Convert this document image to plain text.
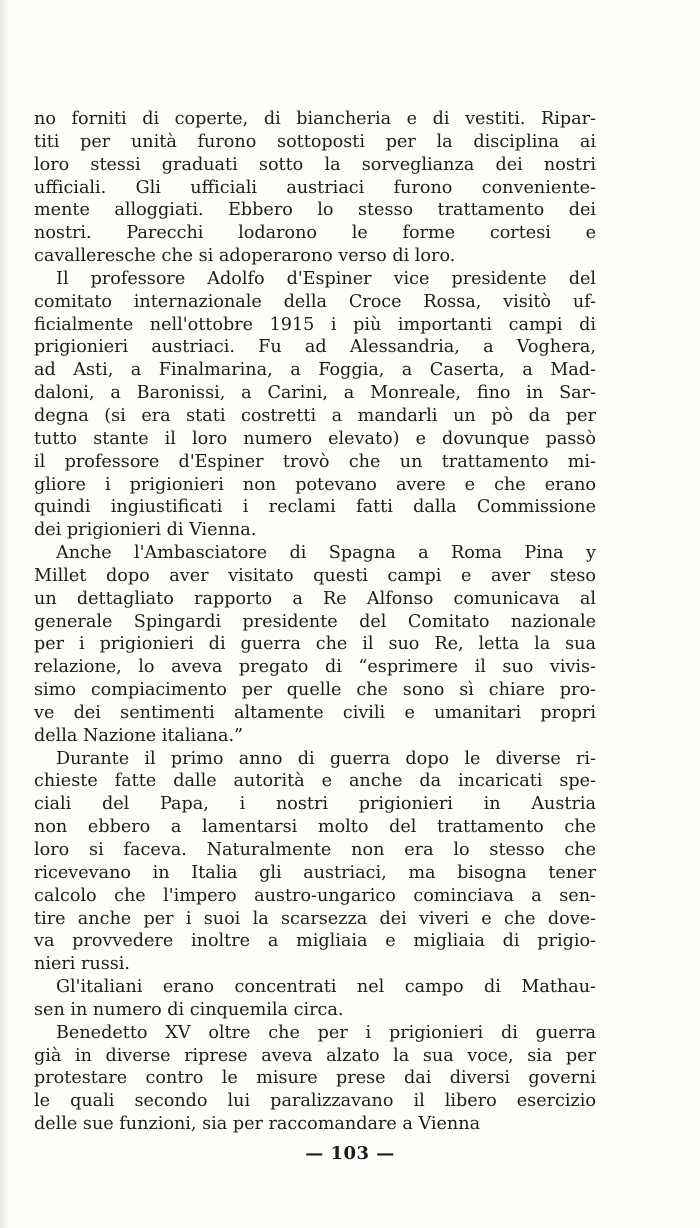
no forniti di coperte, di biancheria e di vestiti. Ripar-
titi per unità furono sottoposti per la disciplina ai
loro stessi graduati sotto la sorveglianza dei nostri
ufficiali. Gli ufficiali austriaci furono conveniente-
mente alloggiati. Ebbero lo stesso trattamento dei
nostri. Parecchi lodarono le forme cortesi e
cavalleresche che si adoperarono verso di loro.
Il professore Adolfo d'Espiner vice presidente del
comitato internazionale della Croce Rossa, visitò uf-
ficialmente nell'ottobre 1915 i più importanti campi di
prigionieri austriaci. Fu ad Alessandria, a Voghera,
ad Asti, a Finalmarina, a Foggia, a Caserta, a Mad-
daloni, a Baronissi, a Carini, a Monreale, fino in Sar-
degna (si era stati costretti a mandarli un pò da per
tutto stante il loro numero elevato) e dovunque passò
il professore d'Espiner trovò che un trattamento mi-
gliore i prigionieri non potevano avere e che erano
quindi ingiustificati i reclami fatti dalla Commissione
dei prigionieri di Vienna.
Anche l'Ambasciatore di Spagna a Roma Pina y
Millet dopo aver visitato questi campi e aver steso
un dettagliato rapporto a Re Alfonso comunicava al
generale Spingardi presidente del Comitato nazionale
per i prigionieri di guerra che il suo Re, letta la sua
relazione, lo aveva pregato di “esprimere il suo vivis-
simo compiacimento per quelle che sono sì chiare pro-
ve dei sentimenti altamente civili e umanitari propri
della Nazione italiana.”
Durante il primo anno di guerra dopo le diverse ri-
chieste fatte dalle autorità e anche da incaricati spe-
ciali del Papa, i nostri prigionieri in Austria
non ebbero a lamentarsi molto del trattamento che
loro si faceva. Naturalmente non era lo stesso che
ricevevano in Italia gli austriaci, ma bisogna tener
calcolo che l'impero austro-ungarico cominciava a sen-
tire anche per i suoi la scarsezza dei viveri e che dove-
va provvedere inoltre a migliaia e migliaia di prigio-
nieri russi.
Gl'italiani erano concentrati nel campo di Mathau-
sen in numero di cinquemila circa.
Benedetto XV oltre che per i prigionieri di guerra
già in diverse riprese aveva alzato la sua voce, sia per
protestare contro le misure prese dai diversi governi
le quali secondo lui paralizzavano il libero esercizio
delle sue funzioni, sia per raccomandare a Vienna
— 103 —
